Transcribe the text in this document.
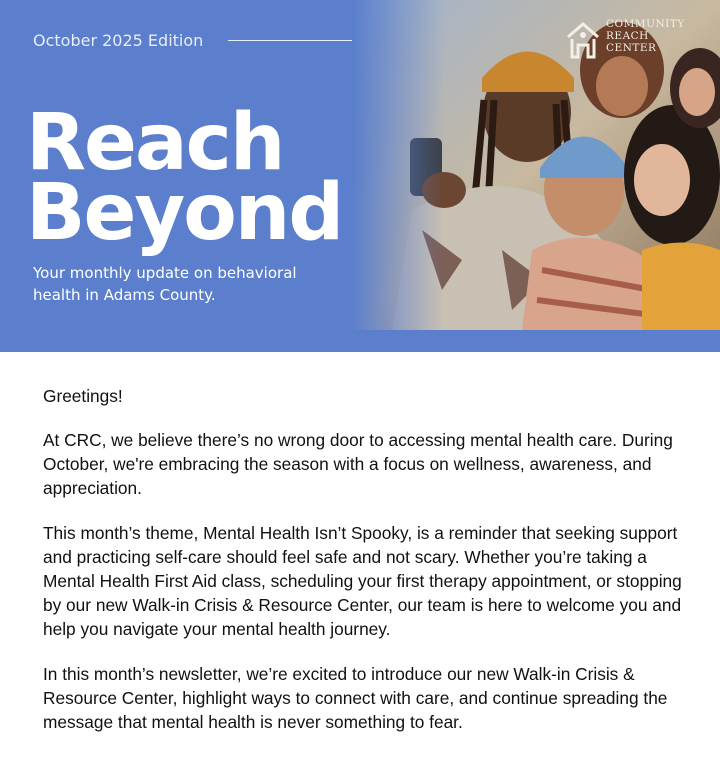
October 2025 Edition
Reach
Beyond
Your monthly update on behavioral health in Adams County.
COMMUNITY
REACH
CENTER

Greetings!

At CRC, we believe there’s no wrong door to accessing mental health care. During October, we're embracing the season with a focus on wellness, awareness, and appreciation.

This month’s theme, Mental Health Isn’t Spooky, is a reminder that seeking support and practicing self-care should feel safe and not scary. Whether you’re taking a Mental Health First Aid class, scheduling your first therapy appointment, or stopping by our new Walk-in Crisis & Resource Center, our team is here to welcome you and help you navigate your mental health journey.

In this month’s newsletter, we’re excited to introduce our new Walk-in Crisis & Resource Center, highlight ways to connect with care, and continue spreading the message that mental health is never something to fear.
